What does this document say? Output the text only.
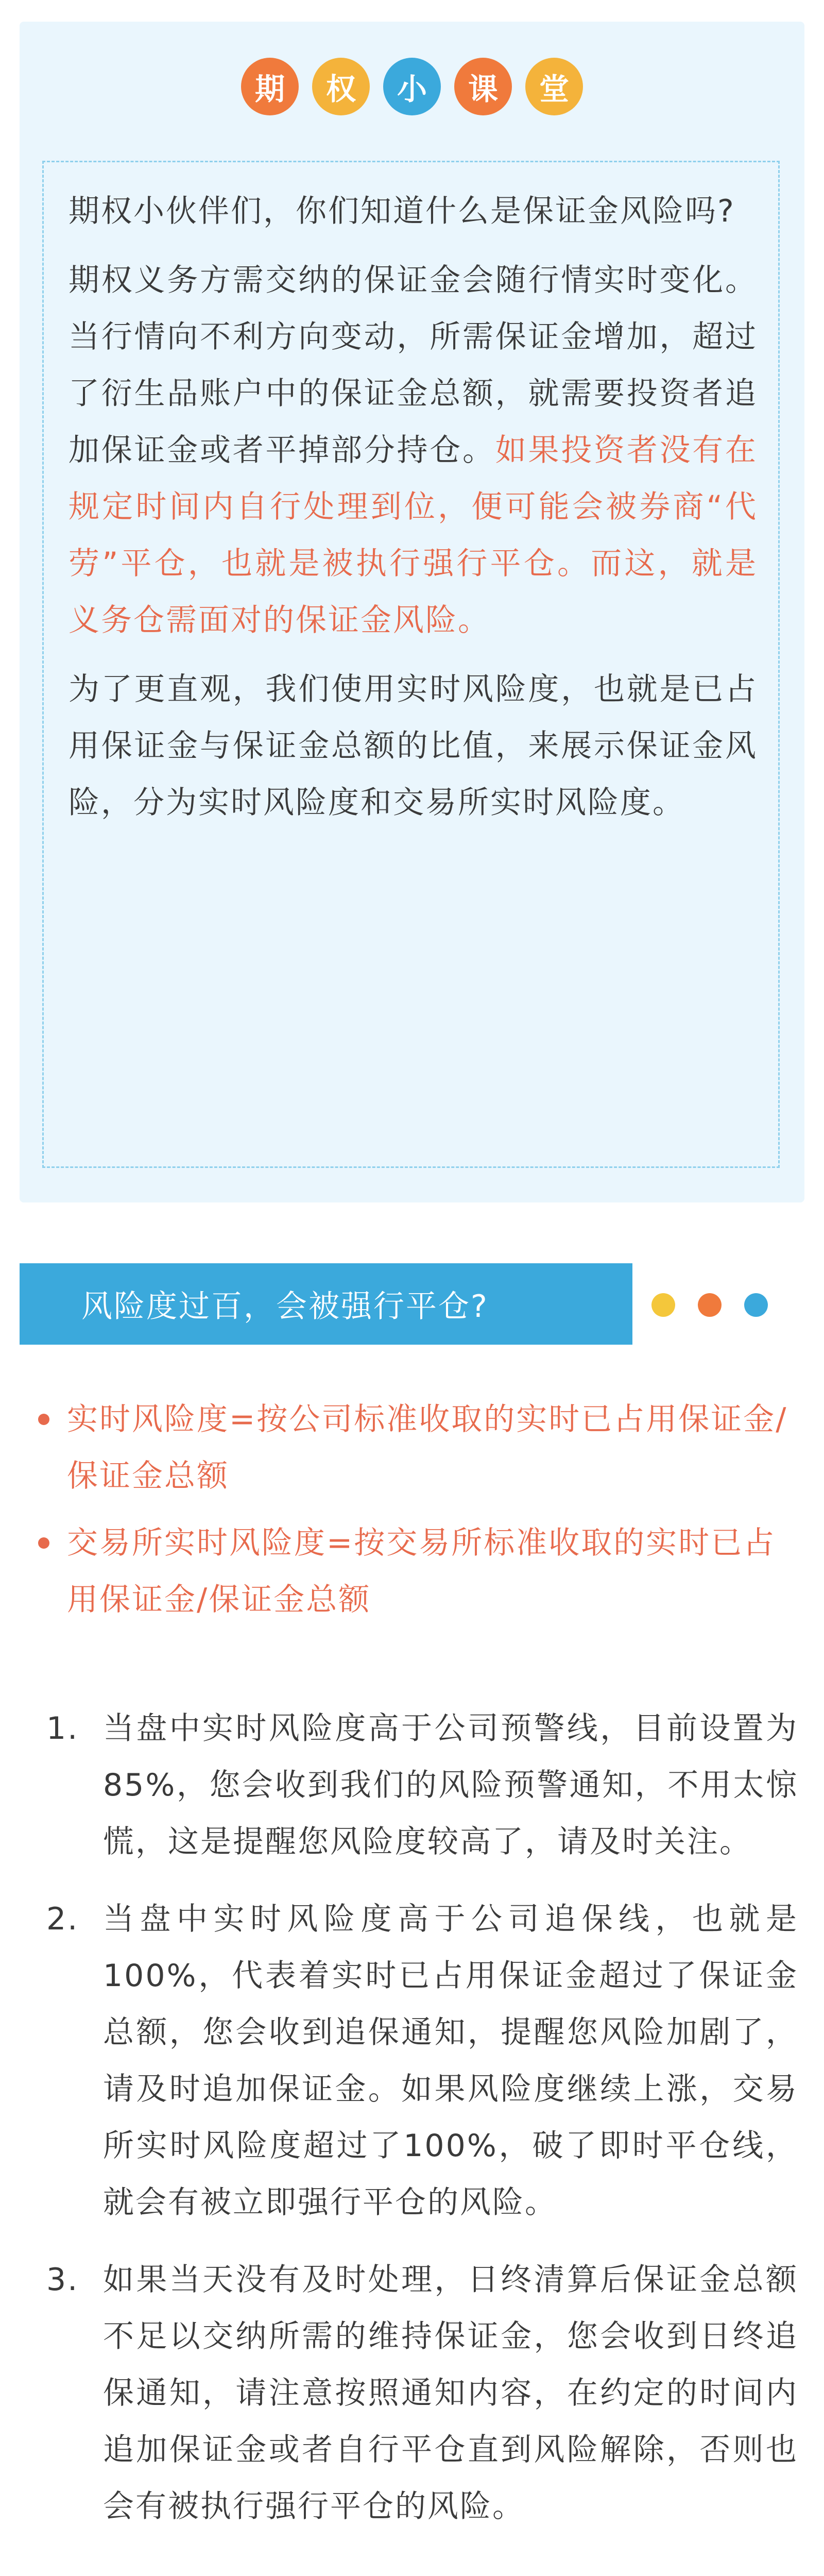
期	权	小	课	堂

期权小伙伴们，你们知道什么是保证金风险吗?

期权义务方需交纳的保证金会随行情实时变化。当行情向不利方向变动，所需保证金增加，超过了衍生品账户中的保证金总额，就需要投资者追加保证金或者平掉部分持仓。如果投资者没有在规定时间内自行处理到位，便可能会被券商“代劳”平仓，也就是被执行强行平仓。而这，就是义务仓需面对的保证金风险。

为了更直观，我们使用实时风险度，也就是已占用保证金与保证金总额的比值，来展示保证金风险，分为实时风险度和交易所实时风险度。

风险度过百，会被强行平仓?
实时风险度=按公司标准收取的实时已占用保证金/保证金总额
交易所实时风险度=按交易所标准收取的实时已占用保证金/保证金总额
1. 当盘中实时风险度高于公司预警线，目前设置为85%，您会收到我们的风险预警通知，不用太惊慌，这是提醒您风险度较高了，请及时关注。
2. 当盘中实时风险度高于公司追保线，也就是100%，代表着实时已占用保证金超过了保证金总额，您会收到追保通知，提醒您风险加剧了，请及时追加保证金。如果风险度继续上涨，交易所实时风险度超过了100%，破了即时平仓线，就会有被立即强行平仓的风险。
3. 如果当天没有及时处理，日终清算后保证金总额不足以交纳所需的维持保证金，您会收到日终追保通知，请注意按照通知内容，在约定的时间内追加保证金或者自行平仓直到风险解除，否则也会有被执行强行平仓的风险。
